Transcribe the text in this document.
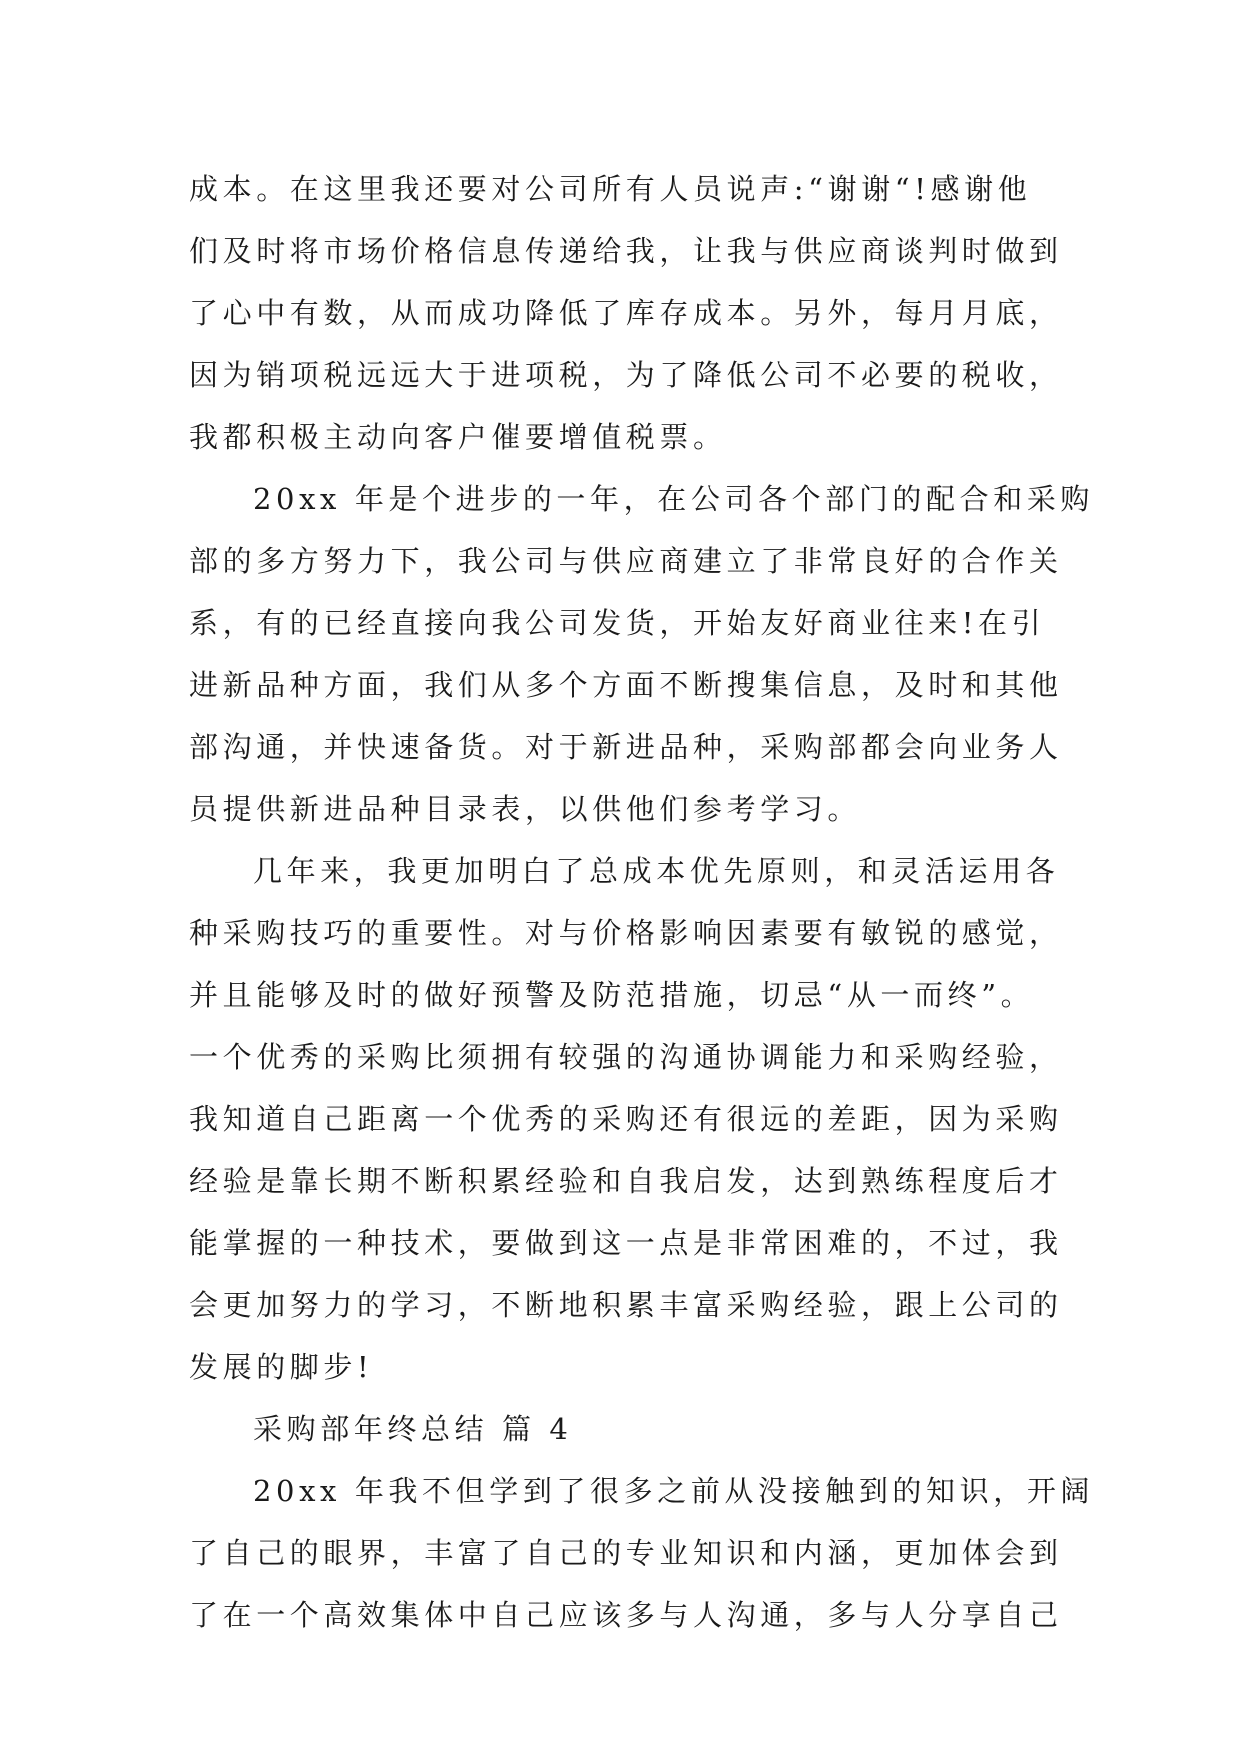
成本。在这里我还要对公司所有人员说声:“谢谢“!感谢他
们及时将市场价格信息传递给我，让我与供应商谈判时做到
了心中有数，从而成功降低了库存成本。另外，每月月底，
因为销项税远远大于进项税，为了降低公司不必要的税收，
我都积极主动向客户催要增值税票。
20xx 年是个进步的一年，在公司各个部门的配合和采购
部的多方努力下，我公司与供应商建立了非常良好的合作关
系，有的已经直接向我公司发货，开始友好商业往来!在引
进新品种方面，我们从多个方面不断搜集信息，及时和其他
部沟通，并快速备货。对于新进品种，采购部都会向业务人
员提供新进品种目录表，以供他们参考学习。
几年来，我更加明白了总成本优先原则，和灵活运用各
种采购技巧的重要性。对与价格影响因素要有敏锐的感觉，
并且能够及时的做好预警及防范措施，切忌“从一而终”。
一个优秀的采购比须拥有较强的沟通协调能力和采购经验，
我知道自己距离一个优秀的采购还有很远的差距，因为采购
经验是靠长期不断积累经验和自我启发，达到熟练程度后才
能掌握的一种技术，要做到这一点是非常困难的，不过，我
会更加努力的学习，不断地积累丰富采购经验，跟上公司的
发展的脚步!
采购部年终总结 篇 4
20xx 年我不但学到了很多之前从没接触到的知识，开阔
了自己的眼界，丰富了自己的专业知识和内涵，更加体会到
了在一个高效集体中自己应该多与人沟通，多与人分享自己
